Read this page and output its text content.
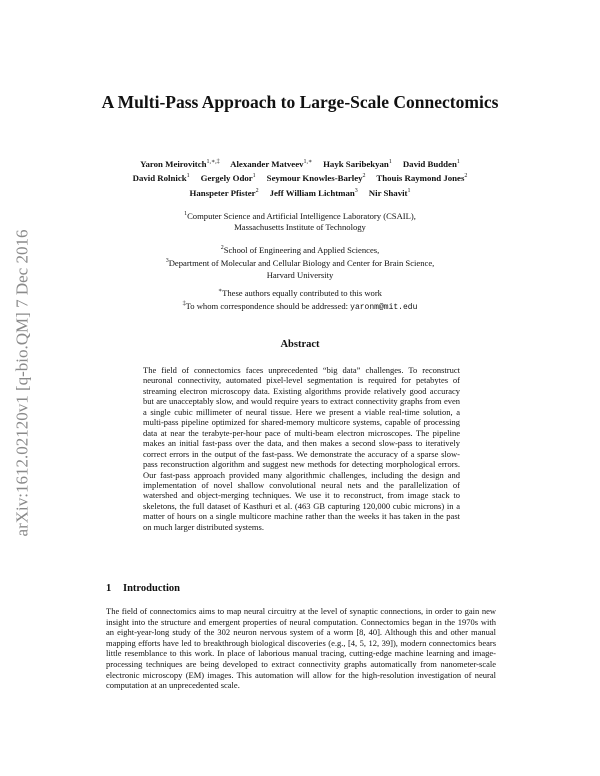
arXiv:1612.02120v1 [q-bio.QM] 7 Dec 2016
A Multi-Pass Approach to Large-Scale Connectomics
Yaron Meirovitch$^{1,∗,\ddagger}$ Alexander Matveev$^{1,∗}$ Hayk Saribekyan$^1$ David Budden$^1$
David Rolnick$^1$ Gergely Odor$^1$ Seymour Knowles-Barley$^2$ Thouis Raymond Jones$^2$
Hanspeter Pfister$^2$ Jeff William Lichtman$^3$ Nir Shavit$^1$
$^1$Computer Science and Artificial Intelligence Laboratory (CSAIL),
Massachusetts Institute of Technology
$^2$School of Engineering and Applied Sciences,
$^3$Department of Molecular and Cellular Biology and Center for Brain Science,
Harvard University
∗These authors equally contributed to this work
‡To whom correspondence should be addressed: yaronm@mit.edu
Abstract
The field of connectomics faces unprecedented “big data” challenges. To reconstruct neuronal connectivity, automated pixel-level segmentation is required for petabytes of streaming electron microscopy data. Existing algorithms provide relatively good accuracy but are unacceptably slow, and would require years to extract connectivity graphs from even a single cubic millimeter of neural tissue. Here we present a viable real-time solution, a multi-pass pipeline optimized for shared-memory multicore systems, capable of processing data at near the terabyte-per-hour pace of multi-beam electron microscopes. The pipeline makes an initial fast-pass over the data, and then makes a second slow-pass to iteratively correct errors in the output of the fast-pass. We demonstrate the accuracy of a sparse slow-pass reconstruction algorithm and suggest new methods for detecting morphological errors. Our fast-pass approach provided many algorithmic challenges, including the design and implementation of novel shallow convolutional neural nets and the parallelization of watershed and object-merging techniques. We use it to reconstruct, from image stack to skeletons, the full dataset of Kasthuri et al. (463 GB capturing 120,000 cubic microns) in a matter of hours on a single multicore machine rather than the weeks it has taken in the past on much larger distributed systems.
1 Introduction
The field of connectomics aims to map neural circuitry at the level of synaptic connections, in order to gain new insight into the structure and emergent properties of neural computation. Connectomics began in the 1970s with an eight-year-long study of the 302 neuron nervous system of a worm [8, 40]. Although this and other manual mapping efforts have led to breakthrough biological discoveries (e.g., [4, 5, 12, 39]), modern connectomics bears little resemblance to this work. In place of laborious manual tracing, cutting-edge machine learning and image-processing techniques are being developed to extract connectivity graphs automatically from nanometer-scale electronic microscopy (EM) images. This automation will allow for the high-resolution investigation of neural computation at an unprecedented scale.
